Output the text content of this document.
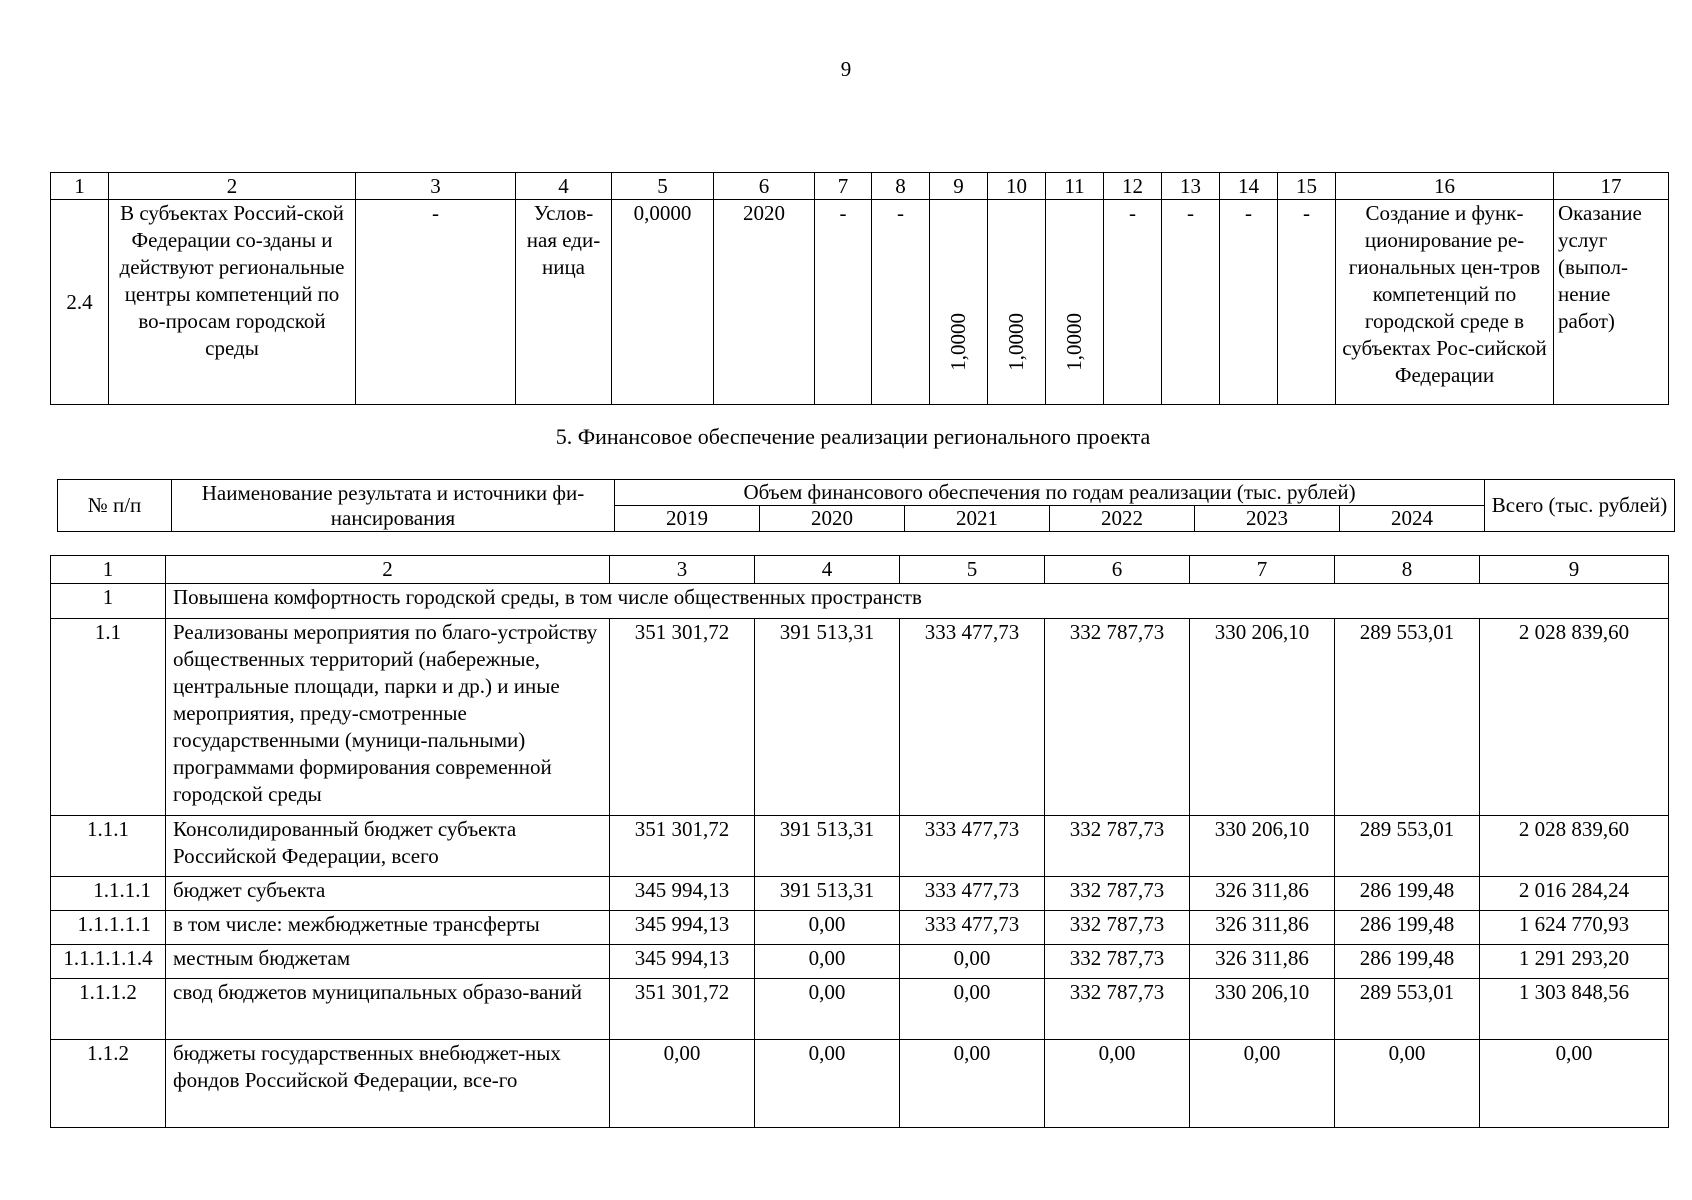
9
1	2	3	4	5	6	7	8	9	10	11	12	13	14	15	16	17
2.4	В субъектах Россий-ской Федерации со-зданы и действуют региональные центры компетенций по во-просам городской среды	-	Услов-ная еди-ница	0,0000	2020	-	-	1,0000	1,0000	1,0000	-	-	-	-	Создание и функ-ционирование ре-гиональных цен-тров компетенций по городской среде в субъектах Рос-сийской Федерации	Оказание услуг (выпол-нение работ)
5. Финансовое обеспечение реализации регионального проекта
№ п/п	Наименование результата и источники фи-нансирования	Объем финансового обеспечения по годам реализации (тыс. рублей)						Всего (тыс. рублей)
		2019	2020	2021	2022	2023	2024	
1	2	3	4	5	6	7	8	9
1	Повышена комфортность городской среды, в том числе общественных пространств							
1.1	Реализованы мероприятия по благо-устройству общественных территорий (набережные, центральные площади, парки и др.) и иные мероприятия, преду-смотренные государственными (муници-пальными) программами формирования современной городской среды	351 301,72	391 513,31	333 477,73	332 787,73	330 206,10	289 553,01	2 028 839,60
1.1.1	Консолидированный бюджет субъекта Российской Федерации, всего	351 301,72	391 513,31	333 477,73	332 787,73	330 206,10	289 553,01	2 028 839,60
1.1.1.1	бюджет субъекта	345 994,13	391 513,31	333 477,73	332 787,73	326 311,86	286 199,48	2 016 284,24
1.1.1.1.1	в том числе: межбюджетные трансферты	345 994,13	0,00	333 477,73	332 787,73	326 311,86	286 199,48	1 624 770,93
1.1.1.1.1.4	местным бюджетам	345 994,13	0,00	0,00	332 787,73	326 311,86	286 199,48	1 291 293,20
1.1.1.2	свод бюджетов муниципальных образо-ваний	351 301,72	0,00	0,00	332 787,73	330 206,10	289 553,01	1 303 848,56
1.1.2	бюджеты государственных внебюджет-ных фондов Российской Федерации, все-го	0,00	0,00	0,00	0,00	0,00	0,00	0,00
